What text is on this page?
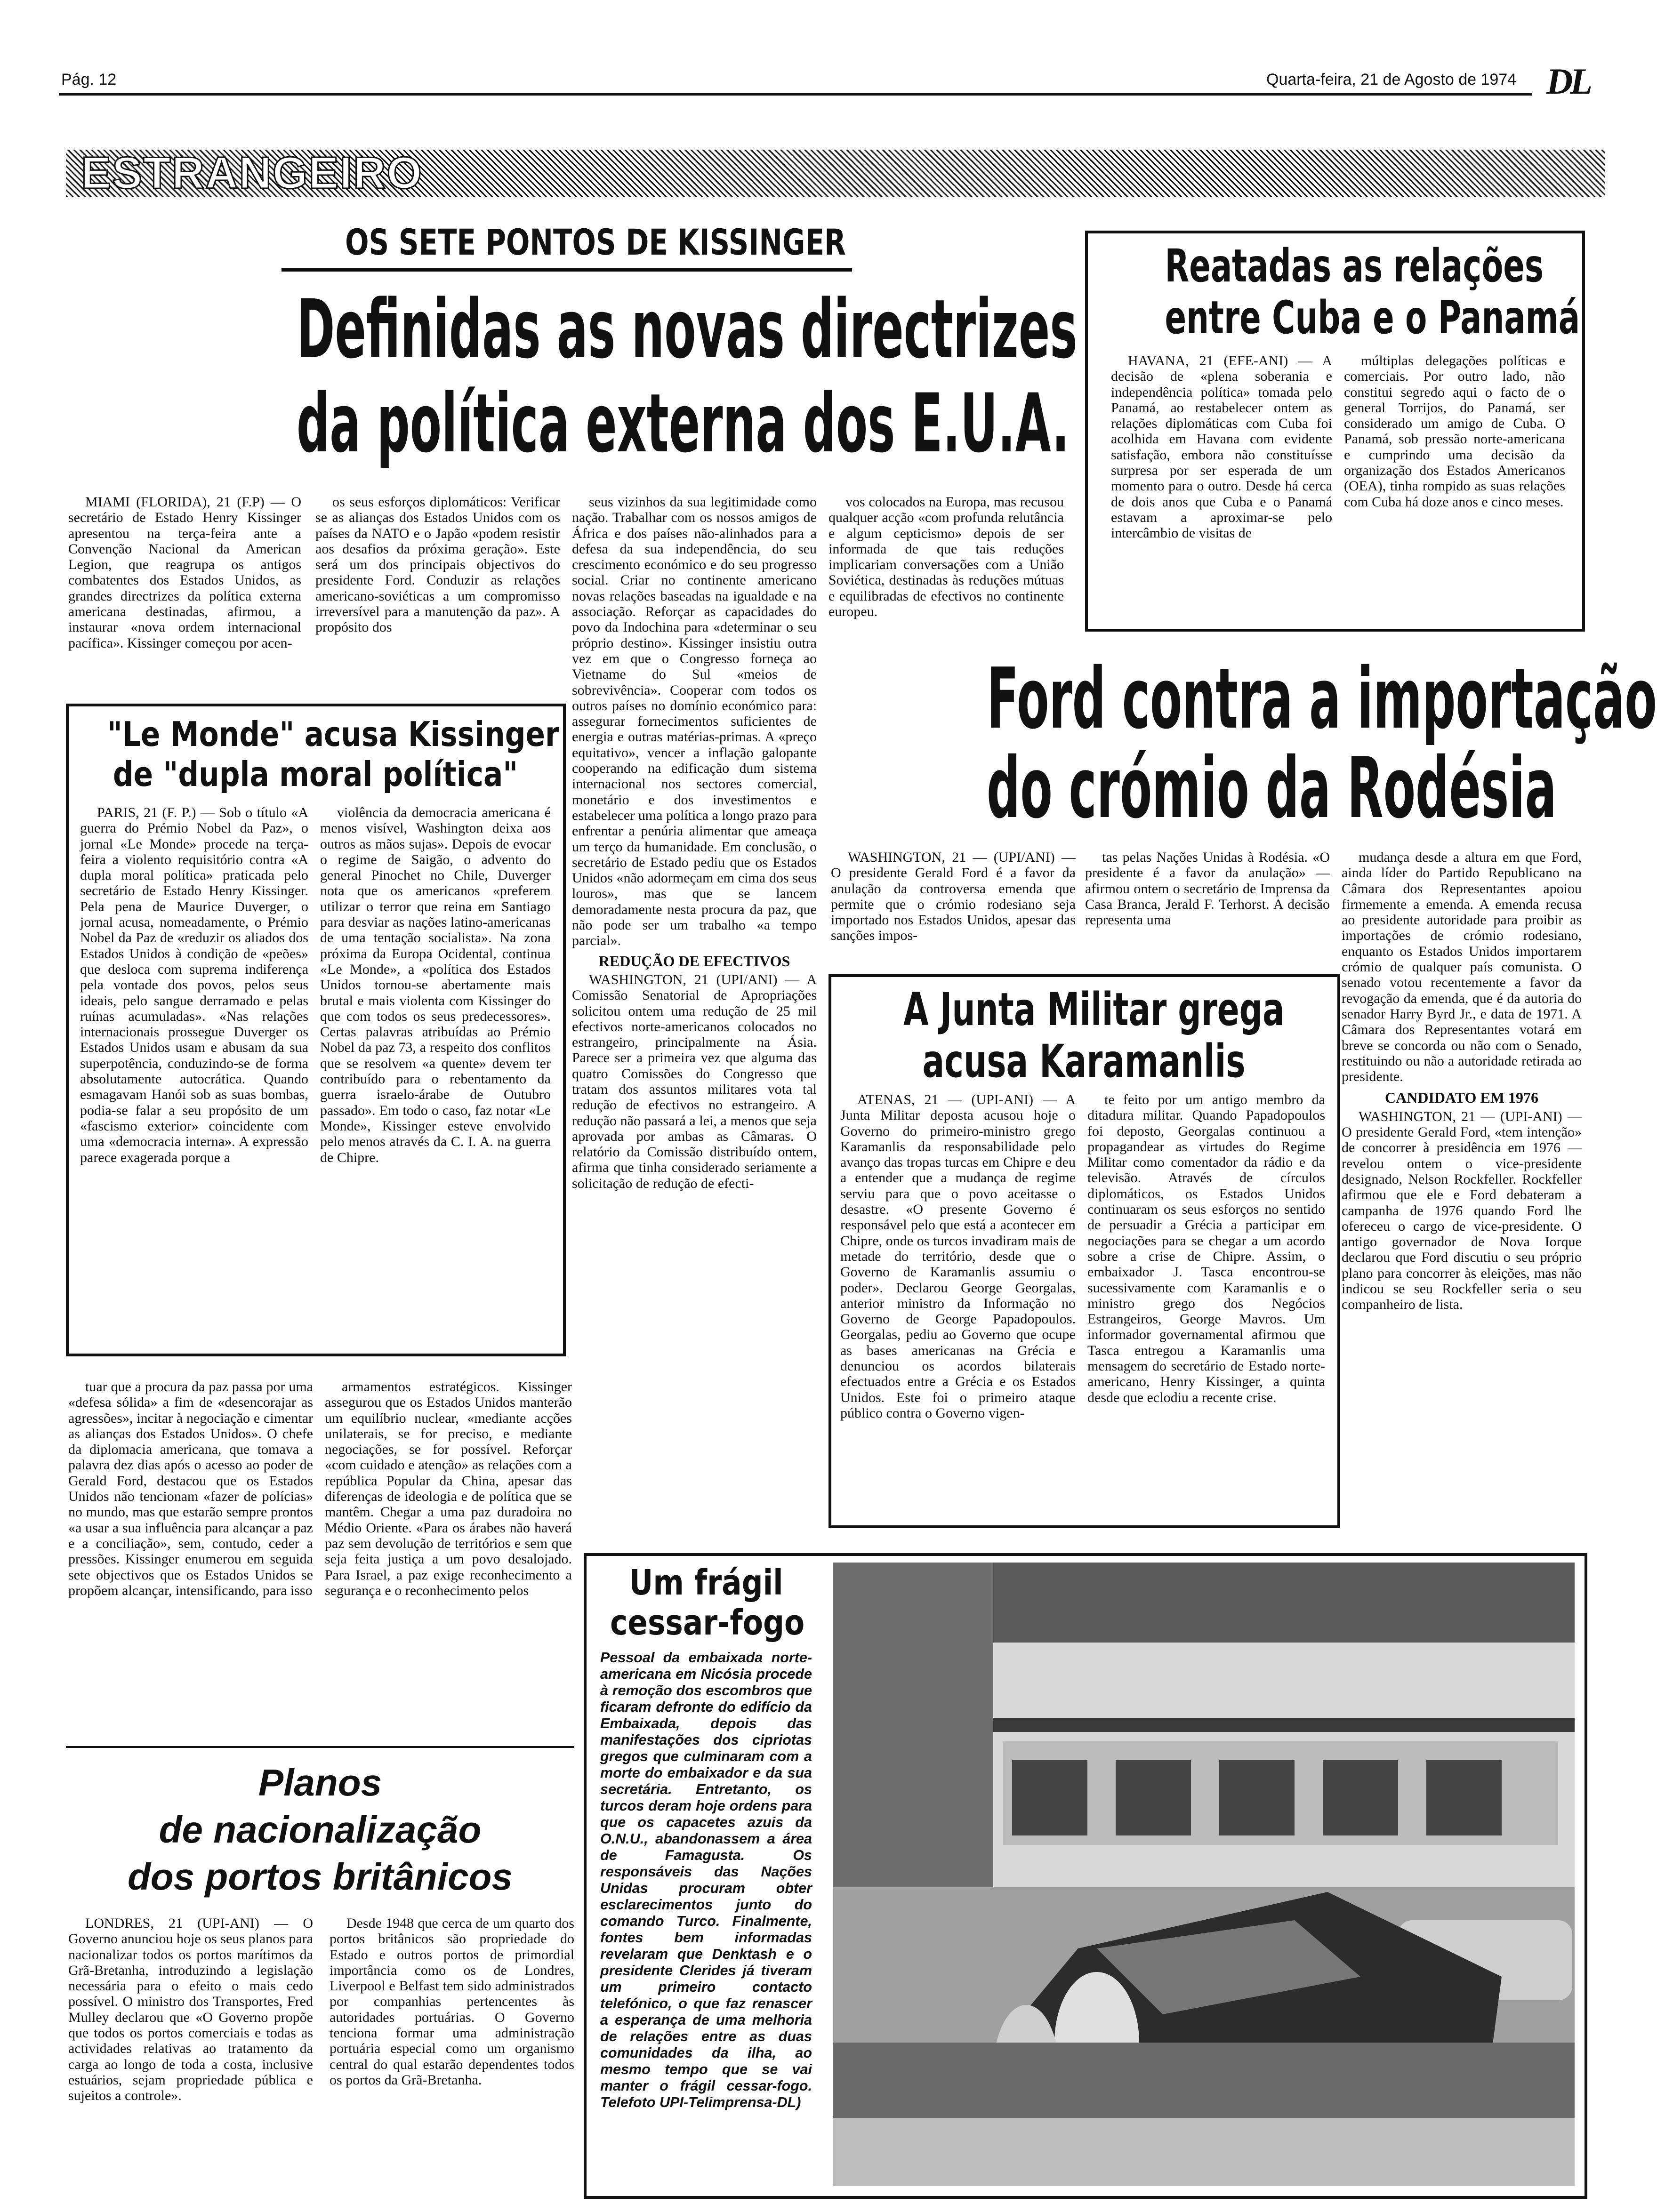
Pág. 12	Quarta-feira, 21 de Agosto de 1974 DL
ESTRANGEIRO
OS SETE PONTOS DE KISSINGER
Definidas as novas directrizes
da política externa dos E.U.A.

MIAMI (FLORIDA), 21 (F.P) — O secretário de Estado Henry Kissinger apresentou na terça-feira ante a Convenção Nacional da American Legion, que reagrupa os antigos combatentes dos Estados Unidos, as grandes directrizes da política externa americana destinadas, afirmou, a instaurar «nova ordem internacional pacífica». Kissinger começou por acen-

os seus esforços diplomáticos: Verificar se as alianças dos Estados Unidos com os países da NATO e o Japão «podem resistir aos desafios da próxima geração». Este será um dos principais objectivos do presidente Ford. Conduzir as relações americano-soviéticas a um compromisso irreversível para a manutenção da paz». A propósito dos

seus vizinhos da sua legitimidade como nação. Trabalhar com os nossos amigos de África e dos países não-alinhados para a defesa da sua independência, do seu crescimento económico e do seu progresso social. Criar no continente americano novas relações baseadas na igualdade e na associação. Reforçar as capacidades do povo da Indochina para «determinar o seu próprio destino». Kissinger insistiu outra vez em que o Congresso forneça ao Vietname do Sul «meios de sobrevivência». Cooperar com todos os outros países no domínio económico para: assegurar fornecimentos suficientes de energia e outras matérias-primas. A «preço equitativo», vencer a inflação galopante cooperando na edificação dum sistema internacional nos sectores comercial, monetário e dos investimentos e estabelecer uma política a longo prazo para enfrentar a penúria alimentar que ameaça um terço da humanidade. Em conclusão, o secretário de Estado pediu que os Estados Unidos «não adormeçam em cima dos seus louros», mas que se lancem demoradamente nesta procura da paz, que não pode ser um trabalho «a tempo parcial».

REDUÇÃO DE EFECTIVOS

WASHINGTON, 21 (UPI/ANI) — A Comissão Senatorial de Apropriações solicitou ontem uma redução de 25 mil efectivos norte-americanos colocados no estrangeiro, principalmente na Ásia. Parece ser a primeira vez que alguma das quatro Comissões do Congresso que tratam dos assuntos militares vota tal redução de efectivos no estrangeiro. A redução não passará a lei, a menos que seja aprovada por ambas as Câmaras. O relatório da Comissão distribuído ontem, afirma que tinha considerado seriamente a solicitação de redução de efecti-

vos colocados na Europa, mas recusou qualquer acção «com profunda relutância e algum cepticismo» depois de ser informada de que tais reduções implicariam conversações com a União Soviética, destinadas às reduções mútuas e equilibradas de efectivos no continente europeu.

"Le Monde" acusa Kissinger
de "dupla moral política"

PARIS, 21 (F. P.) — Sob o título «A guerra do Prémio Nobel da Paz», o jornal «Le Monde» procede na terça-feira a violento requisitório contra «A dupla moral política» praticada pelo secretário de Estado Henry Kissinger. Pela pena de Maurice Duverger, o jornal acusa, nomeadamente, o Prémio Nobel da Paz de «reduzir os aliados dos Estados Unidos à condição de «peões» que desloca com suprema indiferença pela vontade dos povos, pelos seus ideais, pelo sangue derramado e pelas ruínas acumuladas». «Nas relações internacionais prossegue Duverger os Estados Unidos usam e abusam da sua superpotência, conduzindo-se de forma absolutamente autocrática. Quando esmagavam Hanói sob as suas bombas, podia-se falar a seu propósito de um «fascismo exterior» coincidente com uma «democracia interna». A expressão parece exagerada porque a

violência da democracia americana é menos visível, Washington deixa aos outros as mãos sujas». Depois de evocar o regime de Saigão, o advento do general Pinochet no Chile, Duverger nota que os americanos «preferem utilizar o terror que reina em Santiago para desviar as nações latino-americanas de uma tentação socialista». Na zona próxima da Europa Ocidental, continua «Le Monde», a «política dos Estados Unidos tornou-se abertamente mais brutal e mais violenta com Kissinger do que com todos os seus predecessores». Certas palavras atribuídas ao Prémio Nobel da paz 73, a respeito dos conflitos que se resolvem «a quente» devem ter contribuído para o rebentamento da guerra israelo-árabe de Outubro passado». Em todo o caso, faz notar «Le Monde», Kissinger esteve envolvido pelo menos através da C. I. A. na guerra de Chipre.

tuar que a procura da paz passa por uma «defesa sólida» a fim de «desencorajar as agressões», incitar à negociação e cimentar as alianças dos Estados Unidos». O chefe da diplomacia americana, que tomava a palavra dez dias após o acesso ao poder de Gerald Ford, destacou que os Estados Unidos não tencionam «fazer de polícias» no mundo, mas que estarão sempre prontos «a usar a sua influência para alcançar a paz e a conciliação», sem, contudo, ceder a pressões. Kissinger enumerou em seguida sete objectivos que os Estados Unidos se propõem alcançar, intensificando, para isso

armamentos estratégicos. Kissinger assegurou que os Estados Unidos manterão um equilíbrio nuclear, «mediante acções unilaterais, se for preciso, e mediante negociações, se for possível. Reforçar «com cuidado e atenção» as relações com a república Popular da China, apesar das diferenças de ideologia e de política que se mantêm. Chegar a uma paz duradoira no Médio Oriente. «Para os árabes não haverá paz sem devolução de territórios e sem que seja feita justiça a um povo desalojado. Para Israel, a paz exige reconhecimento a segurança e o reconhecimento pelos

Reatadas as relações
entre Cuba e o Panamá

HAVANA, 21 (EFE-ANI) — A decisão de «plena soberania e independência política» tomada pelo Panamá, ao restabelecer ontem as relações diplomáticas com Cuba foi acolhida em Havana com evidente satisfação, embora não constituísse surpresa por ser esperada de um momento para o outro. Desde há cerca de dois anos que Cuba e o Panamá estavam a aproximar-se pelo intercâmbio de visitas de

múltiplas delegações políticas e comerciais. Por outro lado, não constitui segredo aqui o facto de o general Torrijos, do Panamá, ser considerado um amigo de Cuba. O Panamá, sob pressão norte-americana e cumprindo uma decisão da organização dos Estados Americanos (OEA), tinha rompido as suas relações com Cuba há doze anos e cinco meses.

Ford contra a importação
do crómio da Rodésia

WASHINGTON, 21 — (UPI/ANI) — O presidente Gerald Ford é a favor da anulação da controversa emenda que permite que o crómio rodesiano seja importado nos Estados Unidos, apesar das sanções impos-

tas pelas Nações Unidas à Rodésia. «O presidente é a favor da anulação» — afirmou ontem o secretário de Imprensa da Casa Branca, Jerald F. Terhorst. A decisão representa uma

mudança desde a altura em que Ford, ainda líder do Partido Republicano na Câmara dos Representantes apoiou firmemente a emenda. A emenda recusa ao presidente autoridade para proibir as importações de crómio rodesiano, enquanto os Estados Unidos importarem crómio de qualquer país comunista. O senado votou recentemente a favor da revogação da emenda, que é da autoria do senador Harry Byrd Jr., e data de 1971. A Câmara dos Representantes votará em breve se concorda ou não com o Senado, restituindo ou não a autoridade retirada ao presidente.

CANDIDATO EM 1976

WASHINGTON, 21 — (UPI-ANI) — O presidente Gerald Ford, «tem intenção» de concorrer à presidência em 1976 — revelou ontem o vice-presidente designado, Nelson Rockfeller. Rockfeller afirmou que ele e Ford debateram a campanha de 1976 quando Ford lhe ofereceu o cargo de vice-presidente. O antigo governador de Nova Iorque declarou que Ford discutiu o seu próprio plano para concorrer às eleições, mas não indicou se seu Rockfeller seria o seu companheiro de lista.

A Junta Militar grega
acusa Karamanlis

ATENAS, 21 — (UPI-ANI) — A Junta Militar deposta acusou hoje o Governo do primeiro-ministro grego Karamanlis da responsabilidade pelo avanço das tropas turcas em Chipre e deu a entender que a mudança de regime serviu para que o povo aceitasse o desastre. «O presente Governo é responsável pelo que está a acontecer em Chipre, onde os turcos invadiram mais de metade do território, desde que o Governo de Karamanlis assumiu o poder». Declarou George Georgalas, anterior ministro da Informação no Governo de George Papadopoulos. Georgalas, pediu ao Governo que ocupe as bases americanas na Grécia e denunciou os acordos bilaterais efectuados entre a Grécia e os Estados Unidos. Este foi o primeiro ataque público contra o Governo vigen-

te feito por um antigo membro da ditadura militar. Quando Papadopoulos foi deposto, Georgalas continuou a propagandear as virtudes do Regime Militar como comentador da rádio e da televisão. Através de círculos diplomáticos, os Estados Unidos continuaram os seus esforços no sentido de persuadir a Grécia a participar em negociações para se chegar a um acordo sobre a crise de Chipre. Assim, o embaixador J. Tasca encontrou-se sucessivamente com Karamanlis e o ministro grego dos Negócios Estrangeiros, George Mavros. Um informador governamental afirmou que Tasca entregou a Karamanlis uma mensagem do secretário de Estado norte-americano, Henry Kissinger, a quinta desde que eclodiu a recente crise.

Planos
de nacionalização
dos portos britânicos

LONDRES, 21 (UPI-ANI) — O Governo anunciou hoje os seus planos para nacionalizar todos os portos marítimos da Grã-Bretanha, introduzindo a legislação necessária para o efeito o mais cedo possível. O ministro dos Transportes, Fred Mulley declarou que «O Governo propõe que todos os portos comerciais e todas as actividades relativas ao tratamento da carga ao longo de toda a costa, inclusive estuários, sejam propriedade pública e sujeitos a controle».

Desde 1948 que cerca de um quarto dos portos britânicos são propriedade do Estado e outros portos de primordial importância como os de Londres, Liverpool e Belfast tem sido administrados por companhias pertencentes às autoridades portuárias. O Governo tenciona formar uma administração portuária especial como um organismo central do qual estarão dependentes todos os portos da Grã-Bretanha.

Um frágil
cessar-fogo
Pessoal da embaixada norte-americana em Nicósia procede à remoção dos escombros que ficaram defronte do edifício da Embaixada, depois das manifestações dos cipriotas gregos que culminaram com a morte do embaixador e da sua secretária. Entretanto, os turcos deram hoje ordens para que os capacetes azuis da O.N.U., abandonassem a área de Famagusta. Os responsáveis das Nações Unidas procuram obter esclarecimentos junto do comando Turco. Finalmente, fontes bem informadas revelaram que Denktash e o presidente Clerides já tiveram um primeiro contacto telefónico, o que faz renascer a esperança de uma melhoria de relações entre as duas comunidades da ilha, ao mesmo tempo que se vai manter o frágil cessar-fogo. Telefoto UPI-Telimprensa-DL)
